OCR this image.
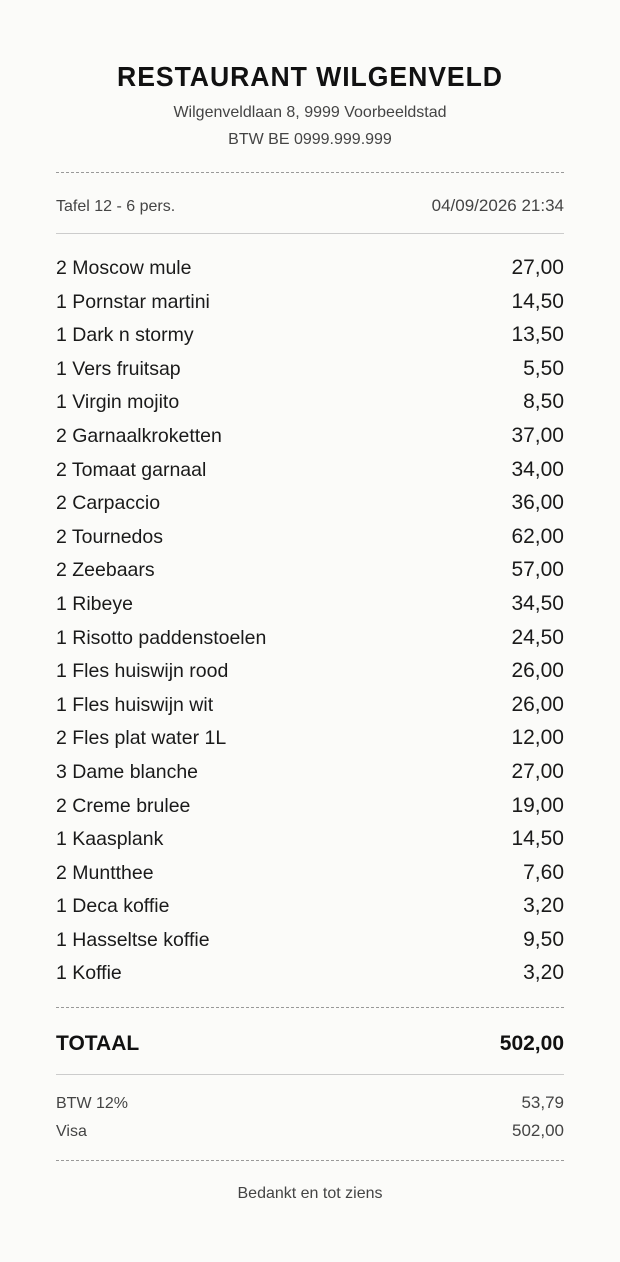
RESTAURANT WILGENVELD
Wilgenveldlaan 8, 9999 Voorbeeldstad
BTW BE 0999.999.999
Tafel 12 - 6 pers.	04/09/2026 21:34
2 Moscow mule	27,00
1 Pornstar martini	14,50
1 Dark n stormy	13,50
1 Vers fruitsap	5,50
1 Virgin mojito	8,50
2 Garnaalkroketten	37,00
2 Tomaat garnaal	34,00
2 Carpaccio	36,00
2 Tournedos	62,00
2 Zeebaars	57,00
1 Ribeye	34,50
1 Risotto paddenstoelen	24,50
1 Fles huiswijn rood	26,00
1 Fles huiswijn wit	26,00
2 Fles plat water 1L	12,00
3 Dame blanche	27,00
2 Creme brulee	19,00
1 Kaasplank	14,50
2 Muntthee	7,60
1 Deca koffie	3,20
1 Hasseltse koffie	9,50
1 Koffie	3,20
TOTAAL	502,00
BTW 12%	53,79
Visa	502,00
Bedankt en tot ziens
